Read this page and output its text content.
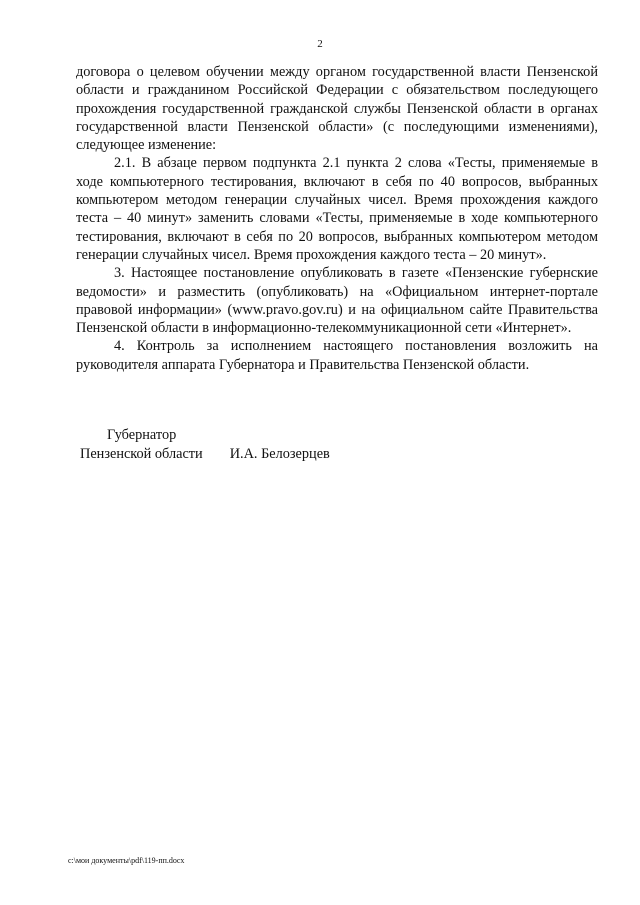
2

договора о целевом обучении между органом государственной власти Пензенской области и гражданином Российской Федерации с обязательством последующего прохождения государственной гражданской службы Пензенской области в органах государственной власти Пензенской области» (с последующими изменениями), следующее изменение:

2.1. В абзаце первом подпункта 2.1 пункта 2 слова «Тесты, применяемые в ходе компьютерного тестирования, включают в себя по 40 вопросов, выбранных компьютером методом генерации случайных чисел. Время прохождения каждого теста – 40 минут» заменить словами «Тесты, применяемые в ходе компьютерного тестирования, включают в себя по 20 вопросов, выбранных компьютером методом генерации случайных чисел. Время прохождения каждого теста – 20 минут».

3. Настоящее постановление опубликовать в газете «Пензенские губернские ведомости» и разместить (опубликовать) на «Официальном интернет-портале правовой информации» (www.pravo.gov.ru) и на официальном сайте Правительства Пензенской области в информационно-телекоммуникационной сети «Интернет».

4. Контроль за исполнением настоящего постановления возложить на руководителя аппарата Губернатора и Правительства Пензенской области.

Губернатор
Пензенской области И.А. Белозерцев
c:\мои документы\pdf\119-пп.docx
